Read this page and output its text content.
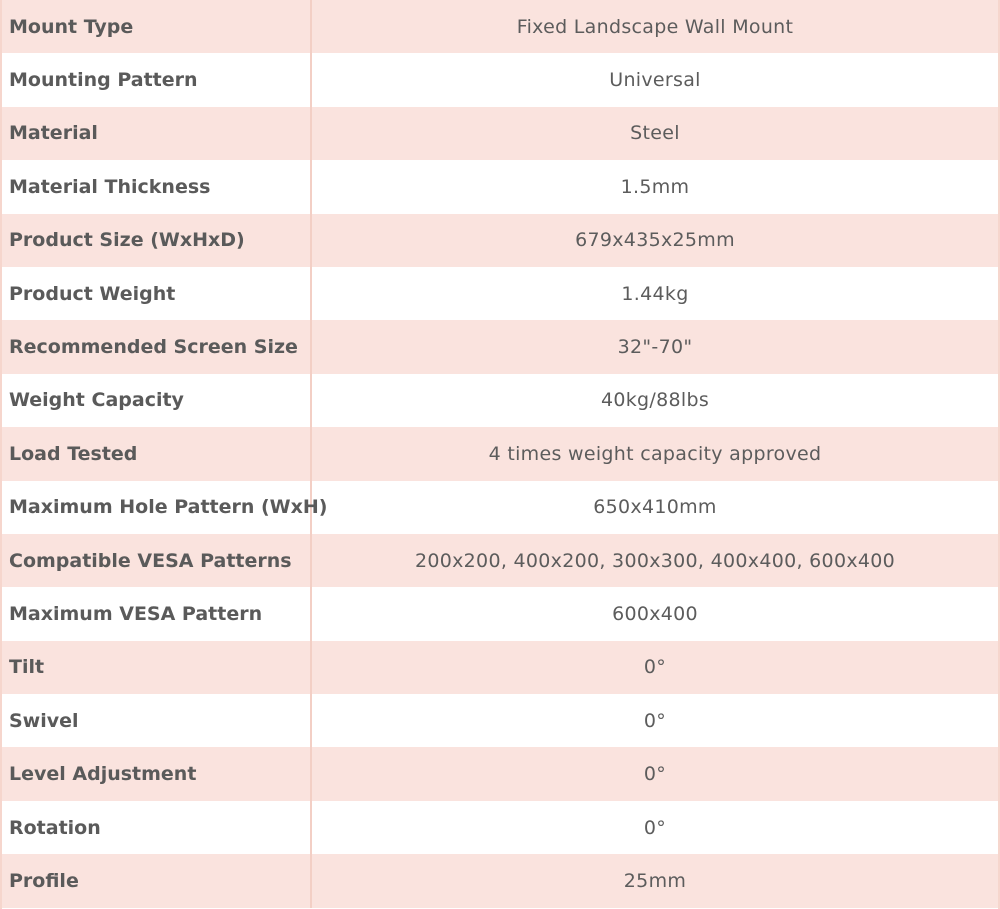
Mount Type	Fixed Landscape Wall Mount
Mounting Pattern	Universal
Material	Steel
Material Thickness	1.5mm
Product Size (WxHxD)	679x435x25mm
Product Weight	1.44kg
Recommended Screen Size	32"-70"
Weight Capacity	40kg/88lbs
Load Tested	4 times weight capacity approved
Maximum Hole Pattern (WxH)	650x410mm
Compatible VESA Patterns	200x200, 400x200, 300x300, 400x400, 600x400
Maximum VESA Pattern	600x400
Tilt	0°
Swivel	0°
Level Adjustment	0°
Rotation	0°
Profile	25mm
